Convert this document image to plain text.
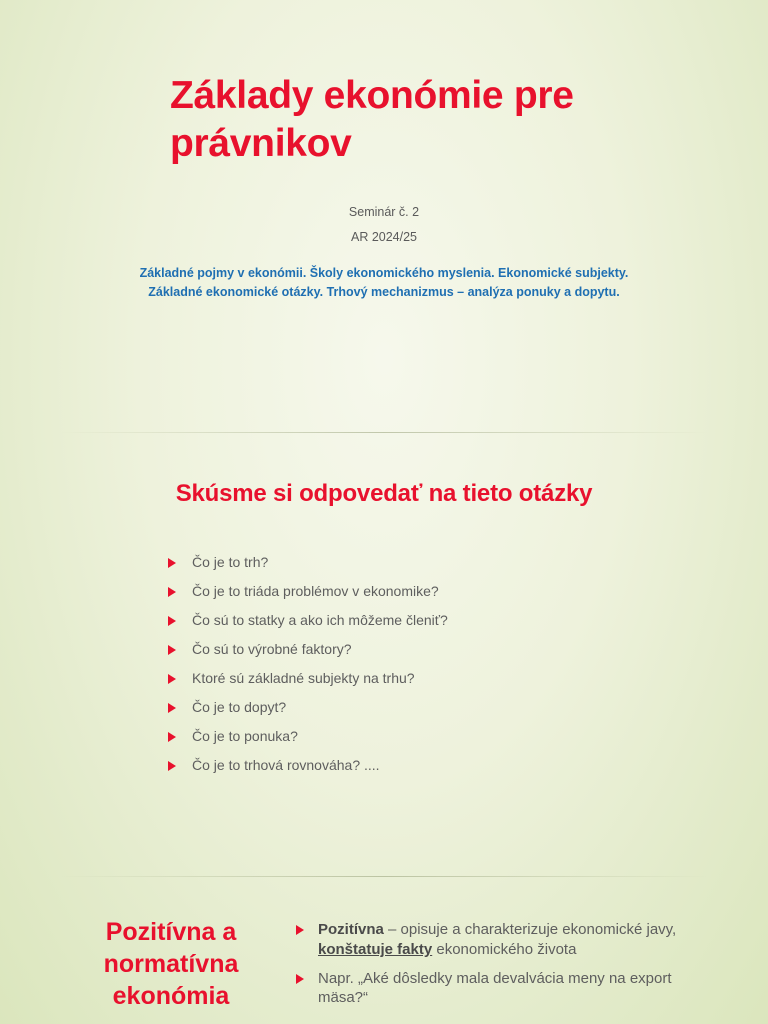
Základy ekonómie pre právnikov
Seminár č. 2
AR 2024/25
Základné pojmy v ekonómii. Školy ekonomického myslenia. Ekonomické subjekty. Základné ekonomické otázky. Trhový mechanizmus – analýza ponuky a dopytu.
Skúsme si odpovedať na tieto otázky
Čo je to trh?
Čo je to triáda problémov v ekonomike?
Čo sú to statky a ako ich môžeme členiť?
Čo sú to výrobné faktory?
Ktoré sú základné subjekty na trhu?
Čo je to dopyt?
Čo je to ponuka?
Čo je to trhová rovnováha? ....
Pozitívna a normatívna ekonómia
Pozitívna – opisuje a charakterizuje ekonomické javy, konštatuje fakty ekonomického života
Napr. „Aké dôsledky mala devalvácia meny na export mäsa?“
